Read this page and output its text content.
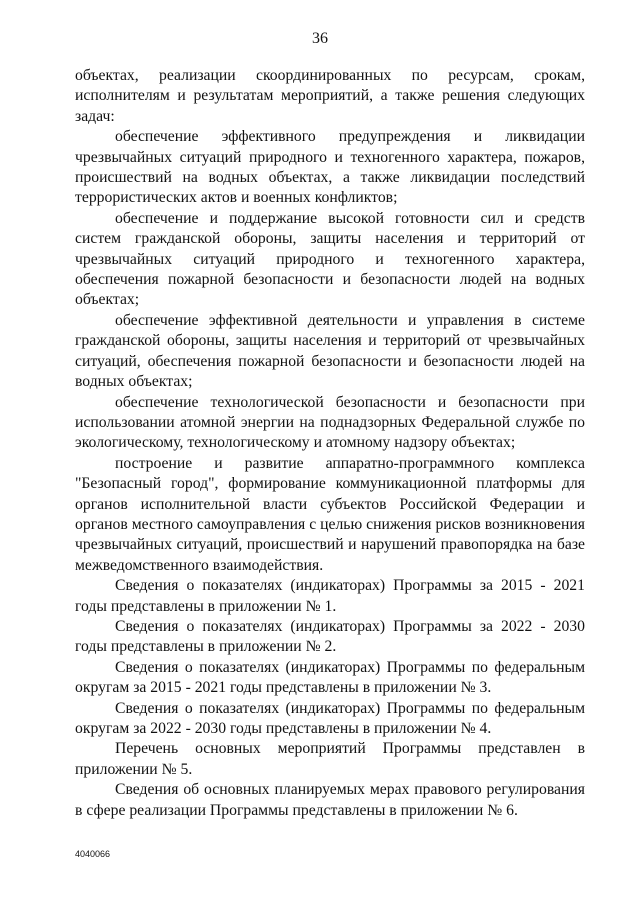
36

объектах, реализации скоординированных по ресурсам, срокам, исполнителям и результатам мероприятий, а также решения следующих задач:

обеспечение эффективного предупреждения и ликвидации чрезвычайных ситуаций природного и техногенного характера, пожаров, происшествий на водных объектах, а также ликвидации последствий террористических актов и военных конфликтов;

обеспечение и поддержание высокой готовности сил и средств систем гражданской обороны, защиты населения и территорий от чрезвычайных ситуаций природного и техногенного характера, обеспечения пожарной безопасности и безопасности людей на водных объектах;

обеспечение эффективной деятельности и управления в системе гражданской обороны, защиты населения и территорий от чрезвычайных ситуаций, обеспечения пожарной безопасности и безопасности людей на водных объектах;

обеспечение технологической безопасности и безопасности при использовании атомной энергии на поднадзорных Федеральной службе по экологическому, технологическому и атомному надзору объектах;

построение и развитие аппаратно-программного комплекса "Безопасный город", формирование коммуникационной платформы для органов исполнительной власти субъектов Российской Федерации и органов местного самоуправления с целью снижения рисков возникновения чрезвычайных ситуаций, происшествий и нарушений правопорядка на базе межведомственного взаимодействия.

Сведения о показателях (индикаторах) Программы за 2015 - 2021 годы представлены в приложении № 1.

Сведения о показателях (индикаторах) Программы за 2022 - 2030 годы представлены в приложении № 2.

Сведения о показателях (индикаторах) Программы по федеральным округам за 2015 - 2021 годы представлены в приложении № 3.

Сведения о показателях (индикаторах) Программы по федеральным округам за 2022 - 2030 годы представлены в приложении № 4.

Перечень основных мероприятий Программы представлен в приложении № 5.

Сведения об основных планируемых мерах правового регулирования в сфере реализации Программы представлены в приложении № 6.

4040066
